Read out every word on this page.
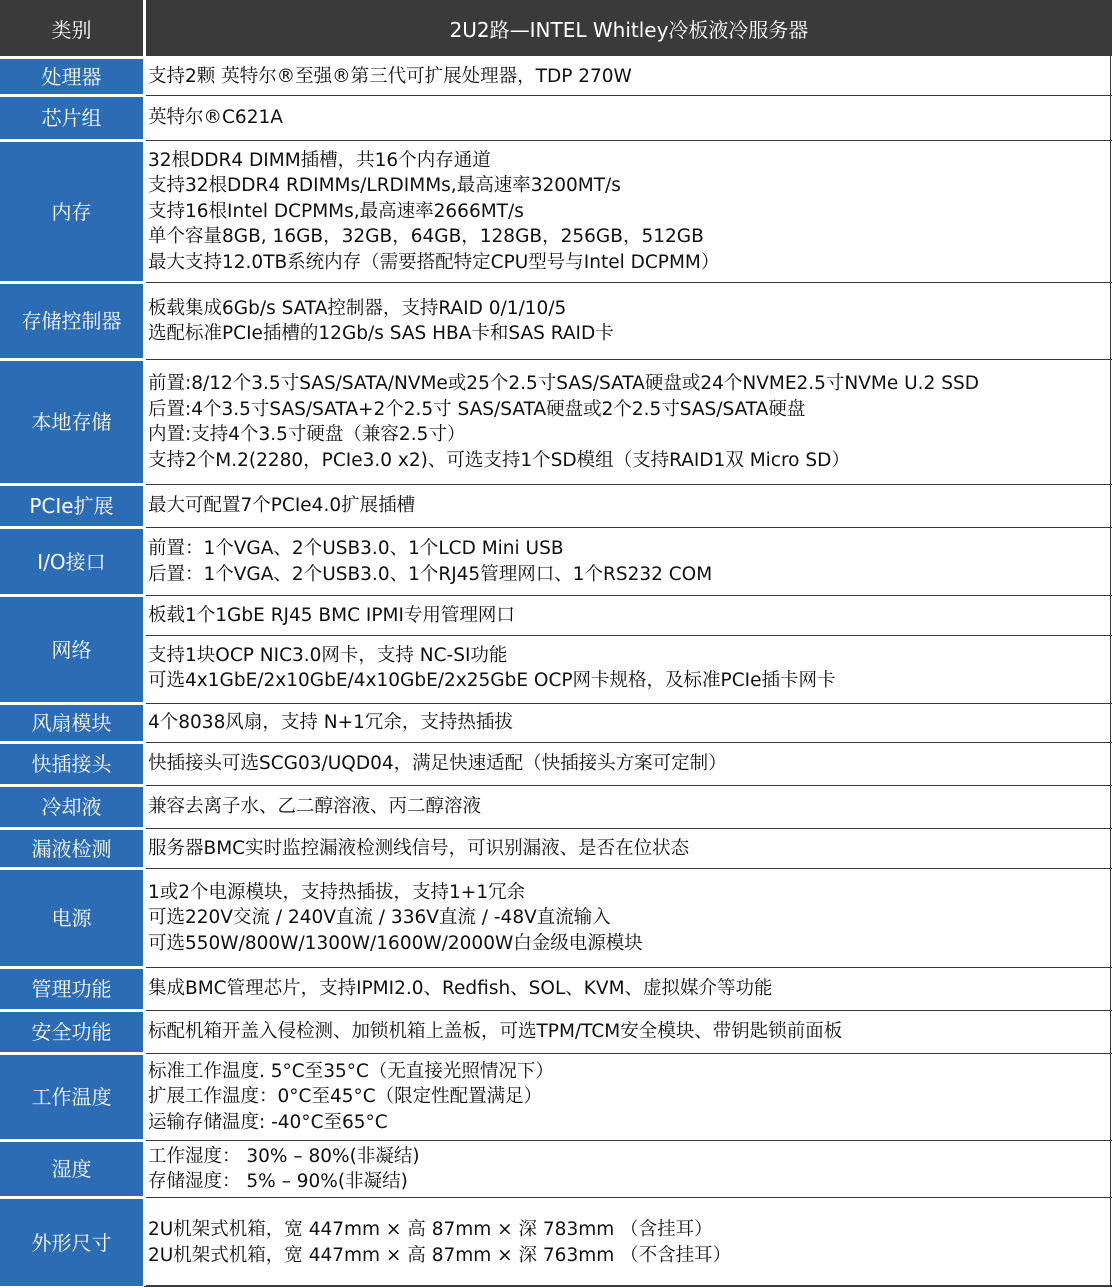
类别	2U2路—INTEL Whitley冷板液冷服务器
处理器
芯片组
内存
存储控制器
本地存储
PCIe扩展
I/O接口
网络
风扇模块
快插接头
冷却液
漏液检测
电源
管理功能
安全功能
工作温度
湿度
外形尺寸
支持2颗 英特尔®至强®第三代可扩展处理器，TDP 270W
英特尔®C621A
32根DDR4 DIMM插槽，共16个内存通道
支持32根DDR4 RDIMMs/LRDIMMs,最高速率3200MT/s
支持16根Intel DCPMMs,最高速率2666MT/s
单个容量8GB, 16GB，32GB，64GB，128GB，256GB，512GB
最大支持12.0TB系统内存（需要搭配特定CPU型号与Intel DCPMM）
板载集成6Gb/s SATA控制器，支持RAID 0/1/10/5
选配标准PCIe插槽的12Gb/s SAS HBA卡和SAS RAID卡
前置:8/12个3.5寸SAS/SATA/NVMe或25个2.5寸SAS/SATA硬盘或24个NVME2.5寸NVMe U.2 SSD
后置:4个3.5寸SAS/SATA+2个2.5寸 SAS/SATA硬盘或2个2.5寸SAS/SATA硬盘
内置:支持4个3.5寸硬盘（兼容2.5寸）
支持2个M.2(2280，PCIe3.0 x2)、可选支持1个SD模组（支持RAID1双 Micro SD）
最大可配置7个PCIe4.0扩展插槽
前置：1个VGA、2个USB3.0、1个LCD Mini USB
后置：1个VGA、2个USB3.0、1个RJ45管理网口、1个RS232 COM
板载1个1GbE RJ45 BMC IPMI专用管理网口
支持1块OCP NIC3.0网卡，支持 NC-SI功能
可选4x1GbE/2x10GbE/4x10GbE/2x25GbE OCP网卡规格，及标准PCIe插卡网卡
4个8038风扇，支持 N+1冗余，支持热插拔
快插接头可选SCG03/UQD04，满足快速适配（快插接头方案可定制）
兼容去离子水、乙二醇溶液、丙二醇溶液
服务器BMC实时监控漏液检测线信号，可识别漏液、是否在位状态
1或2个电源模块，支持热插拔，支持1+1冗余
可选220V交流 / 240V直流 / 336V直流 / -48V直流输入
可选550W/800W/1300W/1600W/2000W白金级电源模块
集成BMC管理芯片，支持IPMI2.0、Redfish、SOL、KVM、虚拟媒介等功能
标配机箱开盖入侵检测、加锁机箱上盖板，可选TPM/TCM安全模块、带钥匙锁前面板
标准工作温度. 5°C至35°C（无直接光照情况下）
扩展工作温度：0°C至45°C（限定性配置满足）
运输存储温度: -40°C至65°C
工作湿度： 30% – 80%(非凝结)
存储湿度： 5% – 90%(非凝结)
2U机架式机箱，宽 447mm × 高 87mm × 深 783mm （含挂耳）
2U机架式机箱，宽 447mm × 高 87mm × 深 763mm （不含挂耳）
